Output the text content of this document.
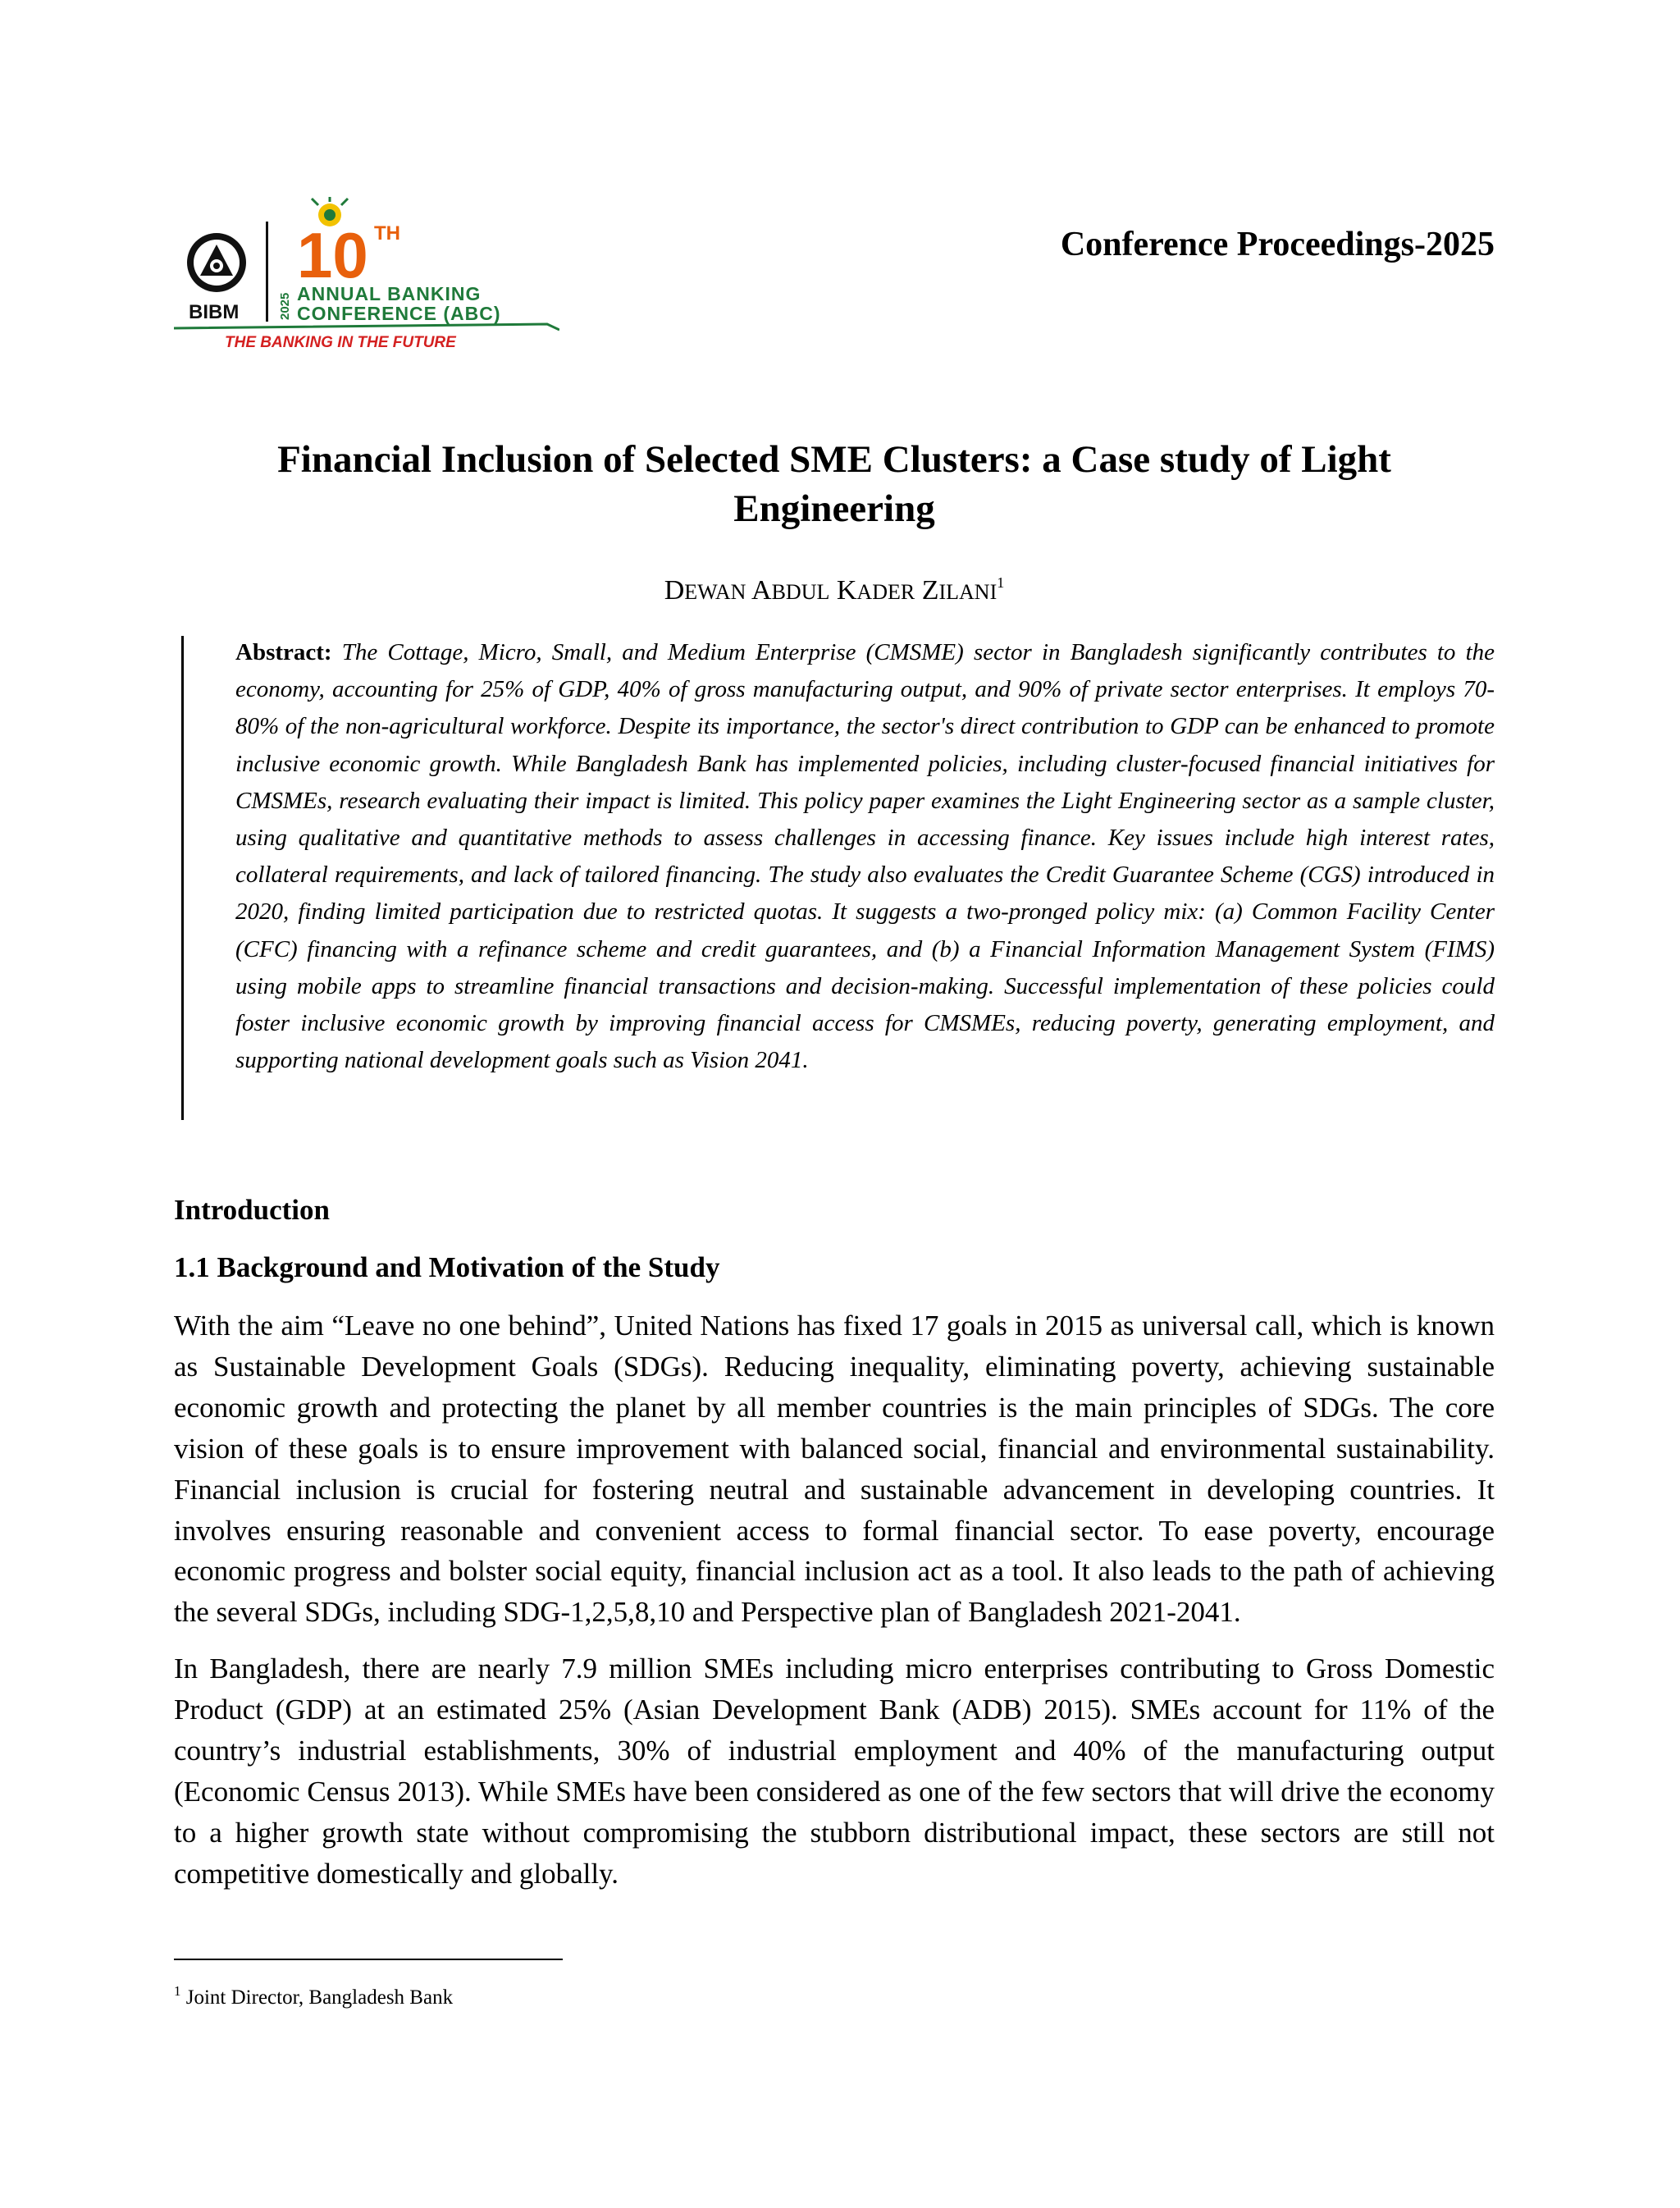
BIBM	2025
10 TH
ANNUAL BANKING
CONFERENCE (ABC)
THE BANKING IN THE FUTURE
Conference Proceedings-2025
Financial Inclusion of Selected SME Clusters: a Case study of Light Engineering
DEWAN ABDUL KADER ZILANI$^1$
Abstract: The Cottage, Micro, Small, and Medium Enterprise (CMSME) sector in Bangladesh significantly contributes to the economy, accounting for 25% of GDP, 40% of gross manufacturing output, and 90% of private sector enterprises. It employs 70-80% of the non-agricultural workforce. Despite its importance, the sector's direct contribution to GDP can be enhanced to promote inclusive economic growth. While Bangladesh Bank has implemented policies, including cluster-focused financial initiatives for CMSMEs, research evaluating their impact is limited. This policy paper examines the Light Engineering sector as a sample cluster, using qualitative and quantitative methods to assess challenges in accessing finance. Key issues include high interest rates, collateral requirements, and lack of tailored financing. The study also evaluates the Credit Guarantee Scheme (CGS) introduced in 2020, finding limited participation due to restricted quotas. It suggests a two-pronged policy mix: (a) Common Facility Center (CFC) financing with a refinance scheme and credit guarantees, and (b) a Financial Information Management System (FIMS) using mobile apps to streamline financial transactions and decision-making. Successful implementation of these policies could foster inclusive economic growth by improving financial access for CMSMEs, reducing poverty, generating employment, and supporting national development goals such as Vision 2041.
Introduction
1.1 Background and Motivation of the Study

With the aim “Leave no one behind”, United Nations has fixed 17 goals in 2015 as universal call, which is known as Sustainable Development Goals (SDGs). Reducing inequality, eliminating poverty, achieving sustainable economic growth and protecting the planet by all member countries is the main principles of SDGs. The core vision of these goals is to ensure improvement with balanced social, financial and environmental sustainability. Financial inclusion is crucial for fostering neutral and sustainable advancement in developing countries. It involves ensuring reasonable and convenient access to formal financial sector. To ease poverty, encourage economic progress and bolster social equity, financial inclusion act as a tool. It also leads to the path of achieving the several SDGs, including SDG-1,2,5,8,10 and Perspective plan of Bangladesh 2021-2041.

In Bangladesh, there are nearly 7.9 million SMEs including micro enterprises contributing to Gross Domestic Product (GDP) at an estimated 25% (Asian Development Bank (ADB) 2015). SMEs account for 11% of the country’s industrial establishments, 30% of industrial employment and 40% of the manufacturing output (Economic Census 2013). While SMEs have been considered as one of the few sectors that will drive the economy to a higher growth state without compromising the stubborn distributional impact, these sectors are still not competitive domestically and globally.

$^1$ Joint Director, Bangladesh Bank
